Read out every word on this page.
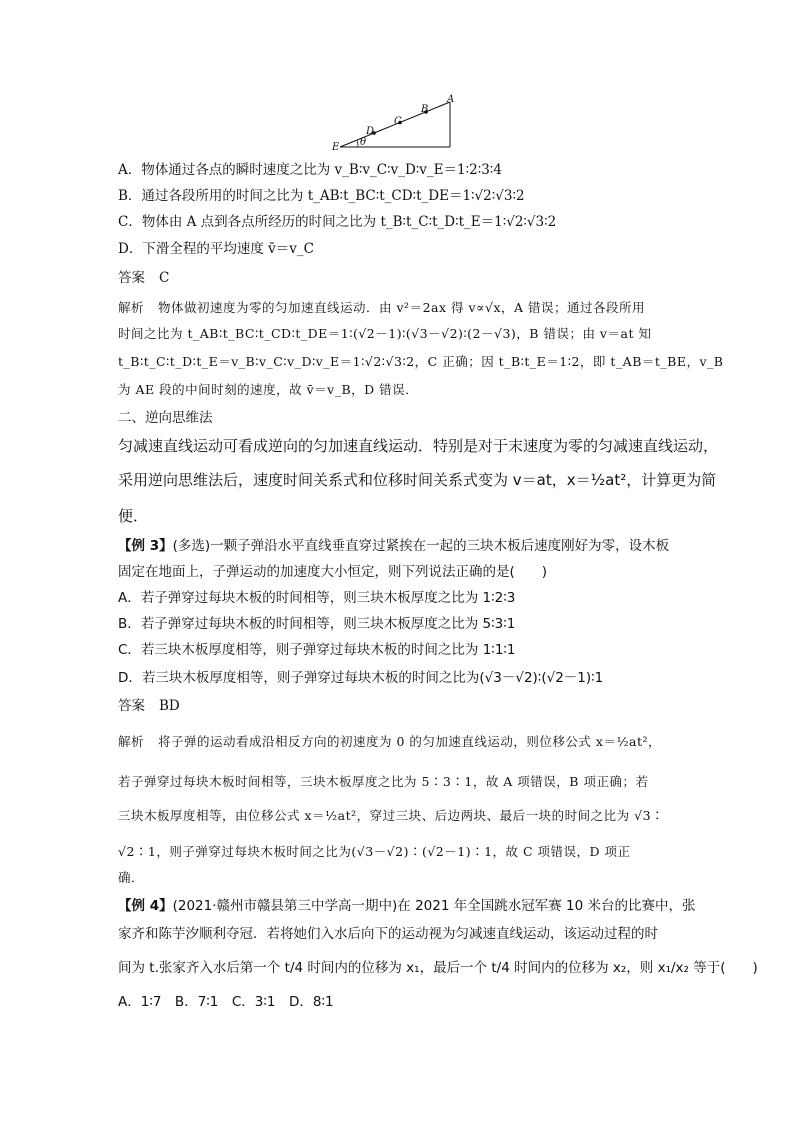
E
D
C
B
A
θ
A．物体通过各点的瞬时速度之比为 v_B∶v_C∶v_D∶v_E＝1∶2∶3∶4
B．通过各段所用的时间之比为 t_AB∶t_BC∶t_CD∶t_DE＝1∶√2∶√3∶2
C．物体由 A 点到各点所经历的时间之比为 t_B∶t_C∶t_D∶t_E＝1∶√2∶√3∶2
D．下滑全程的平均速度 v̄＝v_C
答案 C
解析 物体做初速度为零的匀加速直线运动．由 v²＝2ax 得 v∝√x，A 错误；通过各段所用
时间之比为 t_AB∶t_BC∶t_CD∶t_DE＝1∶(√2－1)∶(√3－√2)∶(2－√3)，B 错误；由 v＝at 知
t_B∶t_C∶t_D∶t_E＝v_B∶v_C∶v_D∶v_E＝1∶√2∶√3∶2，C 正确；因 t_B∶t_E＝1∶2，即 t_AB＝t_BE，v_B
为 AE 段的中间时刻的速度，故 v̄＝v_B，D 错误．
二、逆向思维法
匀减速直线运动可看成逆向的匀加速直线运动．特别是对于末速度为零的匀减速直线运动，
采用逆向思维法后，速度时间关系式和位移时间关系式变为 v＝at，x＝½at²，计算更为简
便．
【例 3】(多选)一颗子弹沿水平直线垂直穿过紧挨在一起的三块木板后速度刚好为零，设木板
固定在地面上，子弹运动的加速度大小恒定，则下列说法正确的是(　　)
A．若子弹穿过每块木板的时间相等，则三块木板厚度之比为 1∶2∶3
B．若子弹穿过每块木板的时间相等，则三块木板厚度之比为 5∶3∶1
C．若三块木板厚度相等，则子弹穿过每块木板的时间之比为 1∶1∶1
D．若三块木板厚度相等，则子弹穿过每块木板的时间之比为(√3－√2)∶(√2－1)∶1
答案 BD
解析 将子弹的运动看成沿相反方向的初速度为 0 的匀加速直线运动，则位移公式 x＝½at²，
若子弹穿过每块木板时间相等，三块木板厚度之比为 5∶3∶1，故 A 项错误，B 项正确；若
三块木板厚度相等，由位移公式 x＝½at²，穿过三块、后边两块、最后一块的时间之比为 √3∶
√2∶1，则子弹穿过每块木板时间之比为(√3－√2)∶(√2－1)∶1，故 C 项错误，D 项正
确．
【例 4】(2021·赣州市赣县第三中学高一期中)在 2021 年全国跳水冠军赛 10 米台的比赛中，张
家齐和陈芋汐顺利夺冠．若将她们入水后向下的运动视为匀减速直线运动，该运动过程的时
间为 t.张家齐入水后第一个 t/4 时间内的位移为 x₁，最后一个 t/4 时间内的位移为 x₂，则 x₁/x₂ 等于(　　)
A．1∶7　B．7∶1　C．3∶1　D．8∶1
